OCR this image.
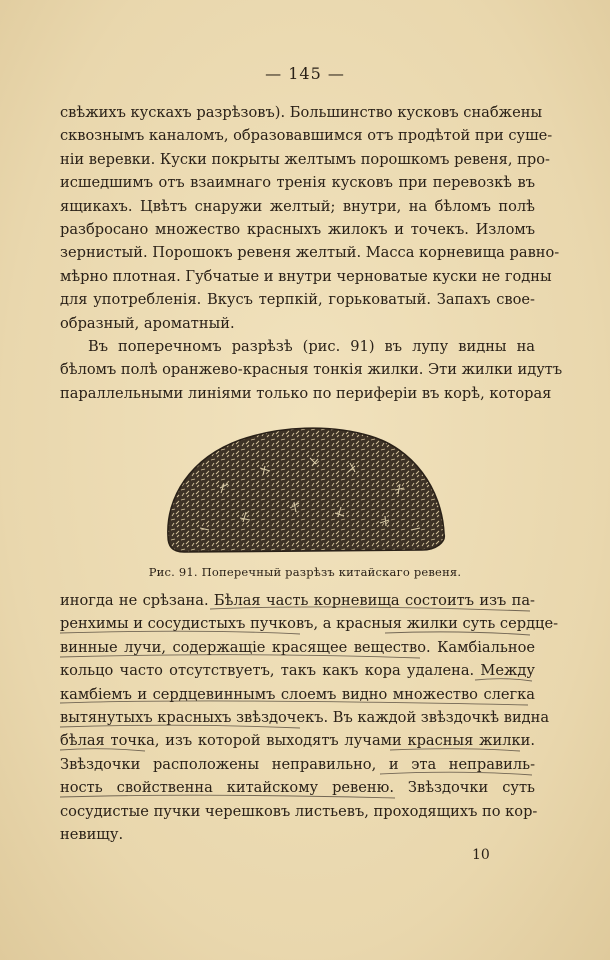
— 145 —
свѣжихъ кускахъ разрѣзовъ). Большинство кусковъ снабжены
сквознымъ каналомъ, образовавшимся отъ продѣтой при суше-
ніи веревки. Куски покрыты желтымъ порошкомъ ревеня, про-
исшедшимъ отъ взаимнаго тренія кусковъ при перевозкѣ въ
ящикахъ. Цвѣтъ снаружи желтый; внутри, на бѣломъ полѣ
разбросано множество красныхъ жилокъ и точекъ. Изломъ
зернистый. Порошокъ ревеня желтый. Масса корневища равно-
мѣрно плотная. Губчатые и внутри черноватые куски не годны
для употребленія. Вкусъ терпкій, горьковатый. Запахъ свое-
образный, ароматный.
Въ поперечномъ разрѣзѣ (рис. 91) въ лупу видны на
бѣломъ полѣ оранжево-красныя тонкія жилки. Эти жилки идутъ
параллельными линіями только по периферіи въ корѣ, которая
Рис. 91. Поперечный разрѣзъ китайскаго ревеня.
иногда не срѣзана. Бѣлая часть корневища состоитъ изъ па-
ренхимы и сосудистыхъ пучковъ, а красныя жилки суть сердце-
винные лучи, содержащіе красящее вещество. Камбіальное
кольцо часто отсутствуетъ, такъ какъ кора удалена. Между
камбіемъ и сердцевиннымъ слоемъ видно множество слегка
вытянутыхъ красныхъ звѣздочекъ. Въ каждой звѣздочкѣ видна
бѣлая точка, изъ которой выходятъ лучами красныя жилки.
Звѣздочки расположены неправильно, и эта неправиль-
ность свойственна китайскому ревеню. Звѣздочки суть
сосудистые пучки черешковъ листьевъ, проходящихъ по кор-
невищу.
10
